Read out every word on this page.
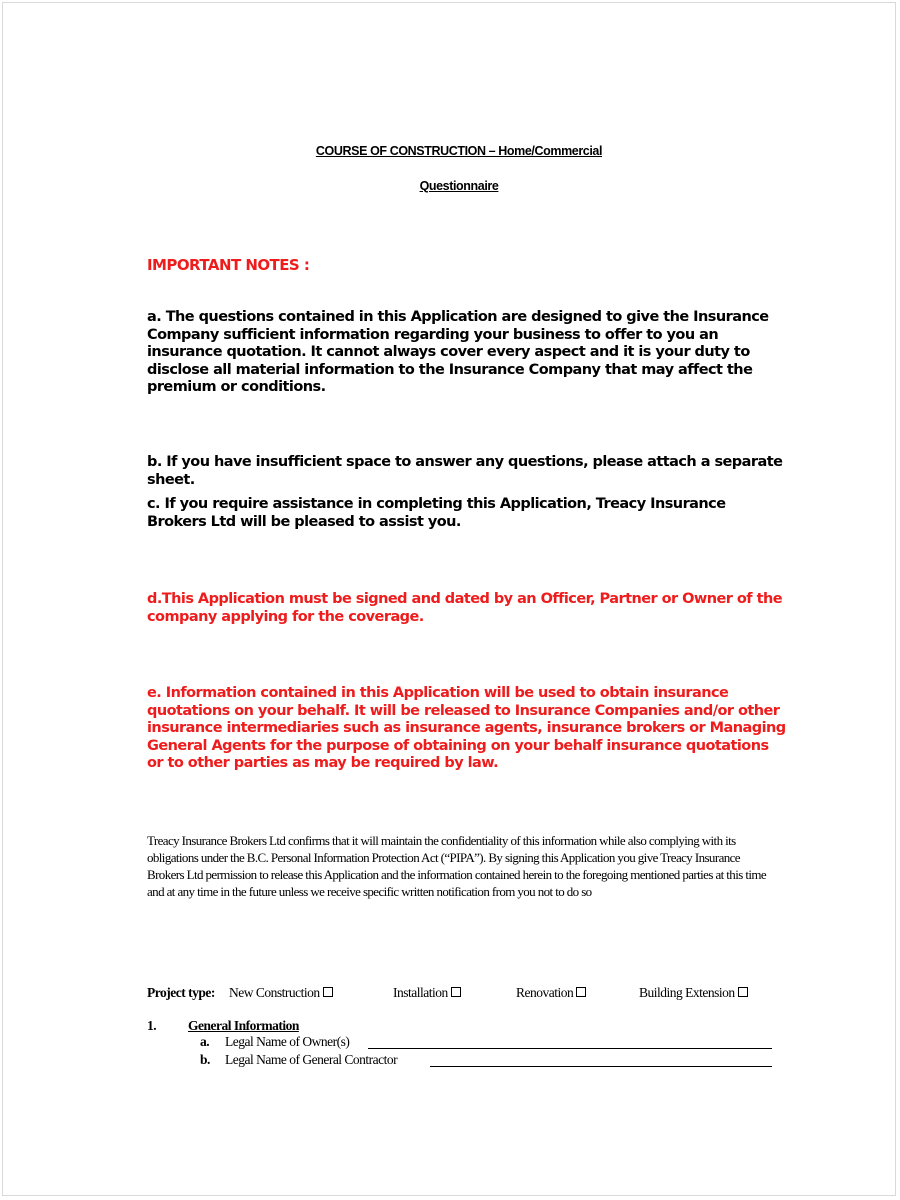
COURSE OF CONSTRUCTION – Home/Commercial
Questionnaire

IMPORTANT NOTES :

a. The questions contained in this Application are designed to give the Insurance Company sufficient information regarding your business to offer to you an insurance quotation. It cannot always cover every aspect and it is your duty to disclose all material information to the Insurance Company that may affect the premium or conditions.

b. If you have insufficient space to answer any questions, please attach a separate sheet.

c. If you require assistance in completing this Application, Treacy Insurance Brokers Ltd will be pleased to assist you.

d.This Application must be signed and dated by an Officer, Partner or Owner of the company applying for the coverage.

e. Information contained in this Application will be used to obtain insurance quotations on your behalf. It will be released to Insurance Companies and/or other insurance intermediaries such as insurance agents, insurance brokers or Managing General Agents for the purpose of obtaining on your behalf insurance quotations or to other parties as may be required by law.

Treacy Insurance Brokers Ltd confirms that it will maintain the confidentiality of this information while also complying with its obligations under the B.C. Personal Information Protection Act (“PIPA”). By signing this Application you give Treacy Insurance Brokers Ltd permission to release this Application and the information contained herein to the foregoing mentioned parties at this time and at any time in the future unless we receive specific written notification from you not to do so

Project type: New Construction	Installation	Renovation	Building Extension
1. General Information
a. Legal Name of Owner(s)
b. Legal Name of General Contractor
